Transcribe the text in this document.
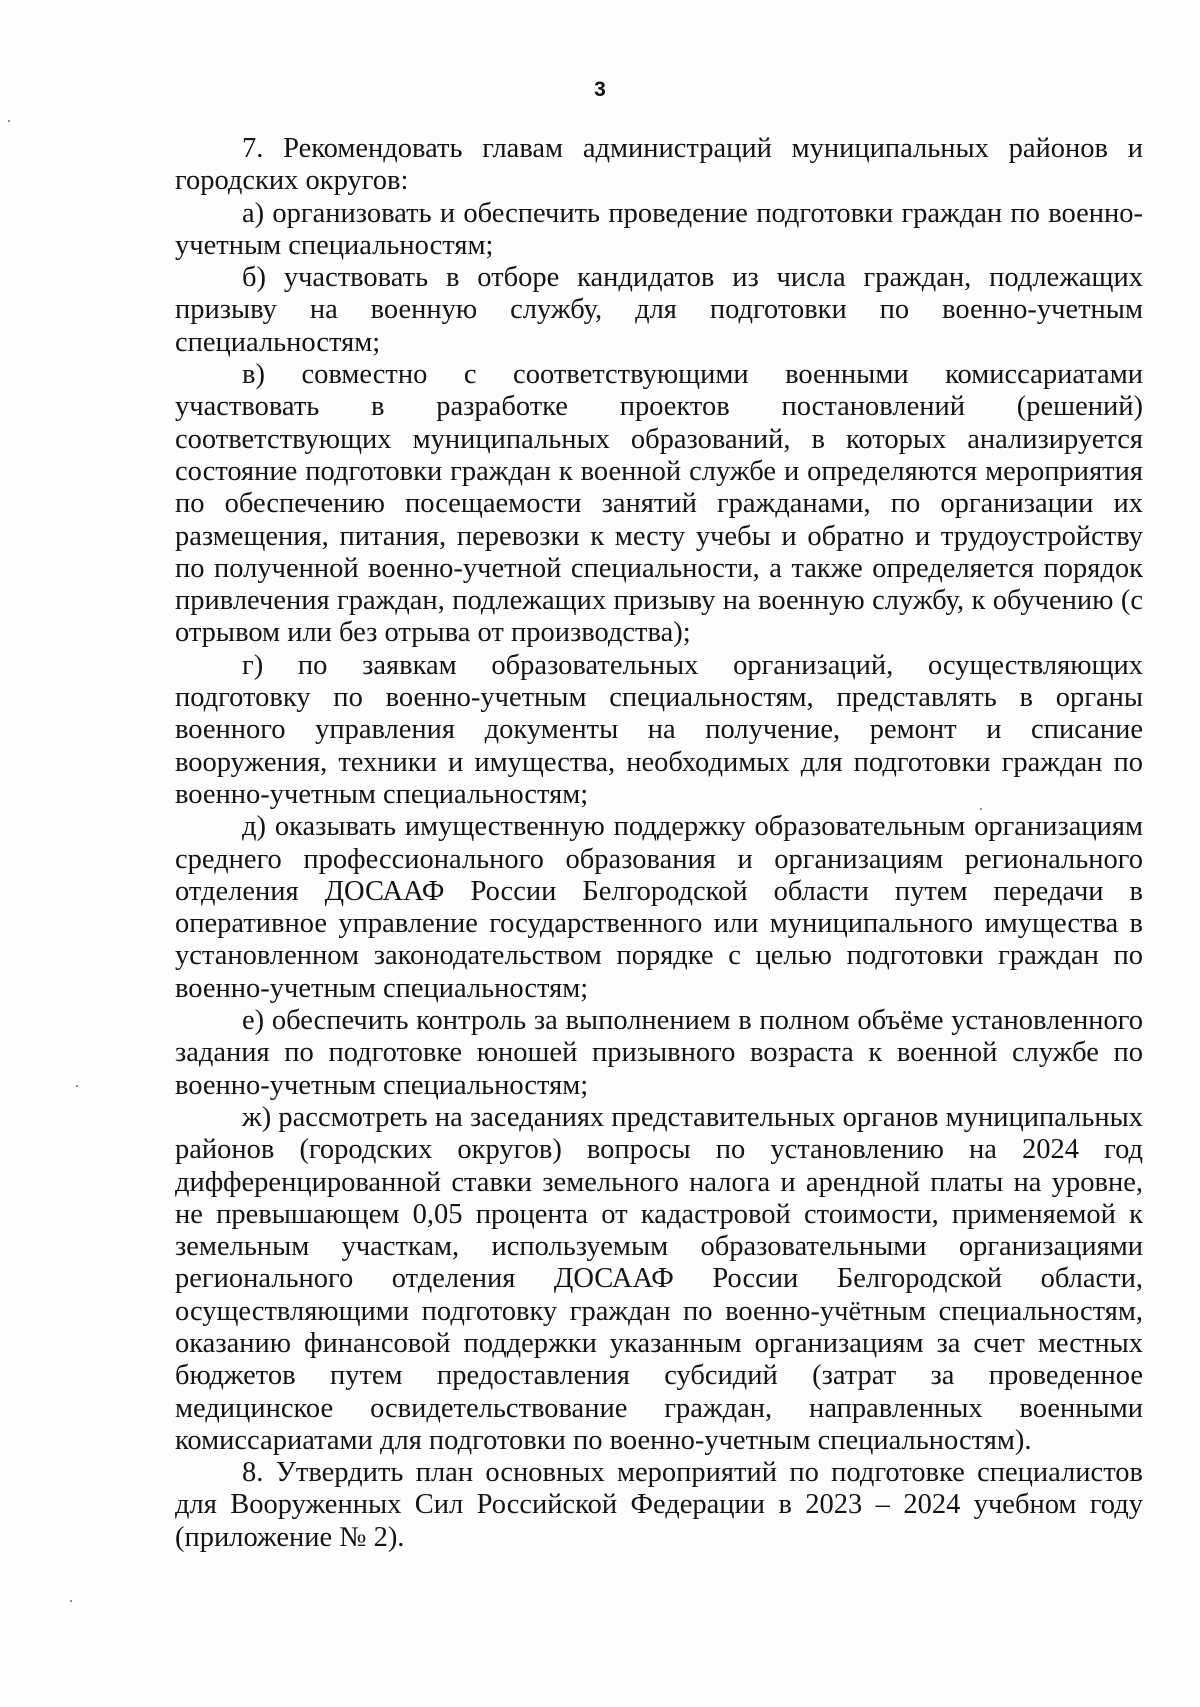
3

7. Рекомендовать главам администраций муниципальных районов и городских округов:

а) организовать и обеспечить проведение подготовки граждан по военно-учетным специальностям;

б) участвовать в отборе кандидатов из числа граждан, подлежащих призыву на военную службу, для подготовки по военно-учетным специальностям;

в) совместно с соответствующими военными комиссариатами участвовать в разработке проектов постановлений (решений) соответствующих муниципальных образований, в которых анализируется состояние подготовки граждан к военной службе и определяются мероприятия по обеспечению посещаемости занятий гражданами, по организации их размещения, питания, перевозки к месту учебы и обратно и трудоустройству по полученной военно-учетной специальности, а также определяется порядок привлечения граждан, подлежащих призыву на военную службу, к обучению (с отрывом или без отрыва от производства);

г) по заявкам образовательных организаций, осуществляющих подготовку по военно-учетным специальностям, представлять в органы военного управления документы на получение, ремонт и списание вооружения, техники и имущества, необходимых для подготовки граждан по военно-учетным специальностям;

д) оказывать имущественную поддержку образовательным организациям среднего профессионального образования и организациям регионального отделения ДОСААФ России Белгородской области путем передачи в оперативное управление государственного или муниципального имущества в установленном законодательством порядке с целью подготовки граждан по военно-учетным специальностям;

е) обеспечить контроль за выполнением в полном объёме установленного задания по подготовке юношей призывного возраста к военной службе по военно-учетным специальностям;

ж) рассмотреть на заседаниях представительных органов муниципальных районов (городских округов) вопросы по установлению на 2024 год дифференцированной ставки земельного налога и арендной платы на уровне, не превышающем 0,05 процента от кадастровой стоимости, применяемой к земельным участкам, используемым образовательными организациями регионального отделения ДОСААФ России Белгородской области, осуществляющими подготовку граждан по военно-учётным специальностям, оказанию финансовой поддержки указанным организациям за счет местных бюджетов путем предоставления субсидий (затрат за проведенное медицинское освидетельствование граждан, направленных военными комиссариатами для подготовки по военно-учетным специальностям).

8. Утвердить план основных мероприятий по подготовке специалистов для Вооруженных Сил Российской Федерации в 2023 – 2024 учебном году (приложение № 2).
